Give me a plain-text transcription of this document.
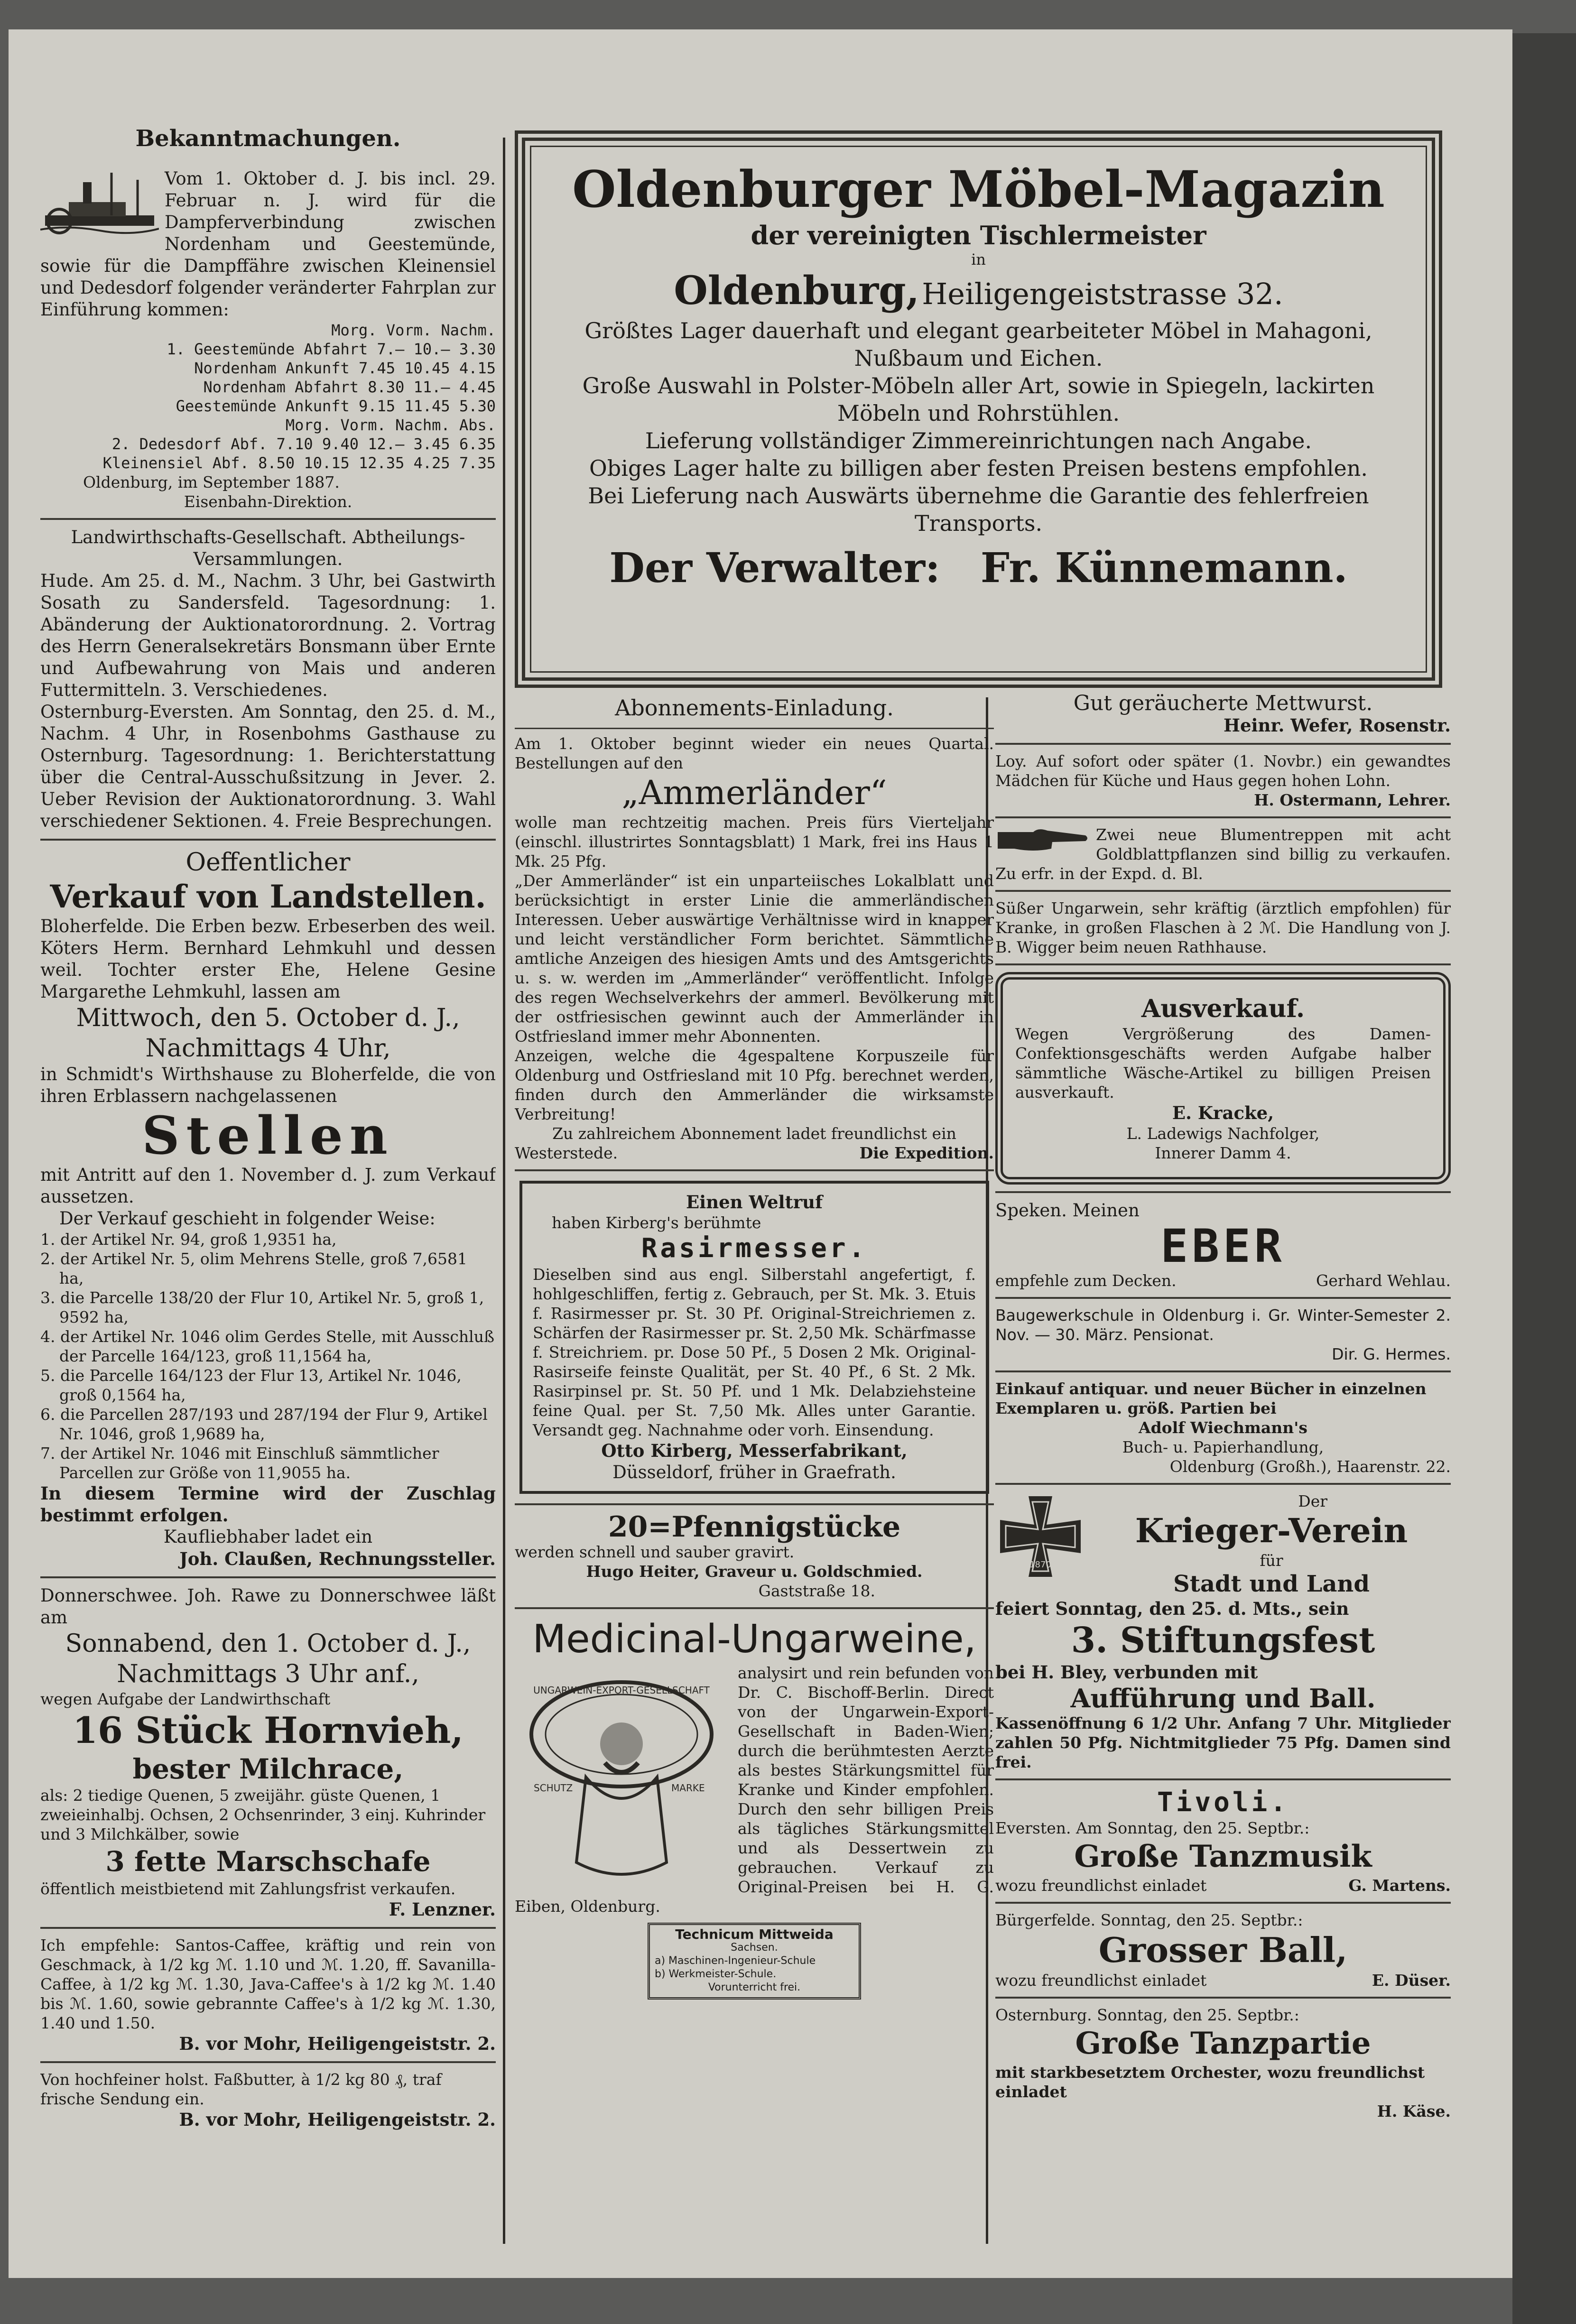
Bekanntmachungen.

Vom 1. Oktober d. J. bis incl. 29. Februar n. J. wird für die Dampferverbindung zwischen Nordenham und Geestemünde, sowie für die Dampffähre zwischen Kleinensiel und Dedesdorf folgender veränderter Fahrplan zur Einführung kommen:

Morg. Vorm. Nachm.

1. Geestemünde Abfahrt 7.— 10.— 3.30

Nordenham Ankunft 7.45 10.45 4.15

Nordenham Abfahrt 8.30 11.— 4.45

Geestemünde Ankunft 9.15 11.45 5.30

Morg. Vorm. Nachm. Abs.

2. Dedesdorf Abf. 7.10 9.40 12.— 3.45 6.35

Kleinensiel Abf. 8.50 10.15 12.35 4.25 7.35

Oldenburg, im September 1887.

Eisenbahn-Direktion.

Landwirthschafts-Gesellschaft. Abtheilungs-Versammlungen.

Hude. Am 25. d. M., Nachm. 3 Uhr, bei Gastwirth Sosath zu Sandersfeld. Tagesordnung: 1. Abänderung der Auktionatorordnung. 2. Vortrag des Herrn Generalsekretärs Bonsmann über Ernte und Aufbewahrung von Mais und anderen Futtermitteln. 3. Verschiedenes.

Osternburg-Eversten. Am Sonntag, den 25. d. M., Nachm. 4 Uhr, in Rosenbohms Gasthause zu Osternburg. Tagesordnung: 1. Berichterstattung über die Central-Ausschußsitzung in Jever. 2. Ueber Revision der Auktionatorordnung. 3. Wahl verschiedener Sektionen. 4. Freie Besprechungen.

Oeffentlicher

Verkauf von Landstellen.

Bloherfelde. Die Erben bezw. Erbeserben des weil. Köters Herm. Bernhard Lehmkuhl und dessen weil. Tochter erster Ehe, Helene Gesine Margarethe Lehmkuhl, lassen am

Mittwoch, den 5. October d. J.,

Nachmittags 4 Uhr,

in Schmidt's Wirthshause zu Bloherfelde, die von ihren Erblassern nachgelassenen

Stellen

mit Antritt auf den 1. November d. J. zum Verkauf aussetzen.

Der Verkauf geschieht in folgender Weise:

1. der Artikel Nr. 94, groß 1,9351 ha,

2. der Artikel Nr. 5, olim Mehrens Stelle, groß 7,6581 ha,

3. die Parcelle 138/20 der Flur 10, Artikel Nr. 5, groß 1, 9592 ha,

4. der Artikel Nr. 1046 olim Gerdes Stelle, mit Ausschluß der Parcelle 164/123, groß 11,1564 ha,

5. die Parcelle 164/123 der Flur 13, Artikel Nr. 1046, groß 0,1564 ha,

6. die Parcellen 287/193 und 287/194 der Flur 9, Artikel Nr. 1046, groß 1,9689 ha,

7. der Artikel Nr. 1046 mit Einschluß sämmtlicher Parcellen zur Größe von 11,9055 ha.

In diesem Termine wird der Zuschlag bestimmt erfolgen.

Kaufliebhaber ladet ein

Joh. Claußen, Rechnungssteller.

Donnerschwee. Joh. Rawe zu Donnerschwee läßt am

Sonnabend, den 1. October d. J.,

Nachmittags 3 Uhr anf.,

wegen Aufgabe der Landwirthschaft

16 Stück Hornvieh,

bester Milchrace,

als: 2 tiedige Quenen, 5 zweijähr. güste Quenen, 1 zweieinhalbj. Ochsen, 2 Ochsenrinder, 3 einj. Kuhrinder und 3 Milchkälber, sowie

3 fette Marschschafe

öffentlich meistbietend mit Zahlungsfrist verkaufen.

F. Lenzner.

Ich empfehle: Santos-Caffee, kräftig und rein von Geschmack, à 1/2 kg ℳ. 1.10 und ℳ. 1.20, ff. Savanilla-Caffee, à 1/2 kg ℳ. 1.30, Java-Caffee's à 1/2 kg ℳ. 1.40 bis ℳ. 1.60, sowie gebrannte Caffee's à 1/2 kg ℳ. 1.30, 1.40 und 1.50.

B. vor Mohr, Heiligengeiststr. 2.

Von hochfeiner holst. Faßbutter, à 1/2 kg 80 ₰, traf frische Sendung ein.

B. vor Mohr, Heiligengeiststr. 2.

Oldenburger Möbel-Magazin

der vereinigten Tischlermeister

in

Oldenburg, Heiligengeiststrasse 32.

Größtes Lager dauerhaft und elegant gearbeiteter Möbel in Mahagoni, Nußbaum und Eichen.

Große Auswahl in Polster-Möbeln aller Art, sowie in Spiegeln, lackirten Möbeln und Rohrstühlen.

Lieferung vollständiger Zimmereinrichtungen nach Angabe.

Obiges Lager halte zu billigen aber festen Preisen bestens empfohlen.

Bei Lieferung nach Auswärts übernehme die Garantie des fehlerfreien Transports.

Der Verwalter: Fr. Künnemann.

Abonnements-Einladung.

Am 1. Oktober beginnt wieder ein neues Quartal. Bestellungen auf den

„Ammerländer“

wolle man rechtzeitig machen. Preis fürs Vierteljahr (einschl. illustrirtes Sonntagsblatt) 1 Mark, frei ins Haus 1 Mk. 25 Pfg.

„Der Ammerländer“ ist ein unparteiisches Lokalblatt und berücksichtigt in erster Linie die ammerländischen Interessen. Ueber auswärtige Verhältnisse wird in knapper und leicht verständlicher Form berichtet. Sämmtliche amtliche Anzeigen des hiesigen Amts und des Amtsgerichts u. s. w. werden im „Ammerländer“ veröffentlicht. Infolge des regen Wechselverkehrs der ammerl. Bevölkerung mit der ostfriesischen gewinnt auch der Ammerländer in Ostfriesland immer mehr Abonnenten.

Anzeigen, welche die 4gespaltene Korpuszeile für Oldenburg und Ostfriesland mit 10 Pfg. berechnet werden, finden durch den Ammerländer die wirksamste Verbreitung!

Zu zahlreichem Abonnement ladet freundlichst ein

Westerstede.	Die Expedition.

Einen Weltruf

haben Kirberg's berühmte

Rasirmesser.

Dieselben sind aus engl. Silberstahl angefertigt, f. hohlgeschliffen, fertig z. Gebrauch, per St. Mk. 3. Etuis f. Rasirmesser pr. St. 30 Pf. Original-Streichriemen z. Schärfen der Rasirmesser pr. St. 2,50 Mk. Schärfmasse f. Streichriem. pr. Dose 50 Pf., 5 Dosen 2 Mk. Original-Rasirseife feinste Qualität, per St. 40 Pf., 6 St. 2 Mk. Rasirpinsel pr. St. 50 Pf. und 1 Mk. Delabziehsteine feine Qual. per St. 7,50 Mk. Alles unter Garantie. Versandt geg. Nachnahme oder vorh. Einsendung.

Otto Kirberg, Messerfabrikant,

Düsseldorf, früher in Graefrath.

20=Pfennigstücke

werden schnell und sauber gravirt.

Hugo Heiter, Graveur u. Goldschmied.

Gaststraße 18.

Medicinal-Ungarweine,

UNGARWEIN-EXPORT-GESELLSCHAFT
SCHUTZ	MARKE

analysirt und rein befunden von Dr. C. Bischoff-Berlin. Direct von der Ungarwein-Export-Gesellschaft in Baden-Wien; durch die berühmtesten Aerzte als bestes Stärkungsmittel für Kranke und Kinder empfohlen. Durch den sehr billigen Preis als tägliches Stärkungsmittel und als Dessertwein zu gebrauchen. Verkauf zu Original-Preisen bei H. G. Eiben, Oldenburg.

Technicum Mittweida

Sachsen.

a) Maschinen-Ingenieur-Schule

b) Werkmeister-Schule.

Vorunterricht frei.

Gut geräucherte Mettwurst.

Heinr. Wefer, Rosenstr.

Loy. Auf sofort oder später (1. Novbr.) ein gewandtes Mädchen für Küche und Haus gegen hohen Lohn.

H. Ostermann, Lehrer.

Zwei neue Blumentreppen mit acht Goldblattpflanzen sind billig zu verkaufen. Zu erfr. in der Expd. d. Bl.

Süßer Ungarwein, sehr kräftig (ärztlich empfohlen) für Kranke, in großen Flaschen à 2 ℳ. Die Handlung von J. B. Wigger beim neuen Rathhause.

Ausverkauf.

Wegen Vergrößerung des Damen-Confektionsgeschäfts werden Aufgabe halber sämmtliche Wäsche-Artikel zu billigen Preisen ausverkauft.

E. Kracke,

L. Ladewigs Nachfolger,

Innerer Damm 4.

Speken. Meinen

EBER

empfehle zum Decken.	Gerhard Wehlau.

Baugewerkschule in Oldenburg i. Gr. Winter-Semester 2. Nov. — 30. März. Pensionat.

Dir. G. Hermes.

Einkauf antiquar. und neuer Bücher in einzelnen Exemplaren u. größ. Partien bei

Adolf Wiechmann's

Buch- u. Papierhandlung,

Oldenburg (Großh.), Haarenstr. 22.

1870

Der

Krieger-Verein

für

Stadt und Land

feiert Sonntag, den 25. d. Mts., sein

3. Stiftungsfest

bei H. Bley, verbunden mit

Aufführung und Ball.

Kassenöffnung 6 1/2 Uhr. Anfang 7 Uhr. Mitglieder zahlen 50 Pfg. Nichtmitglieder 75 Pfg. Damen sind frei.

Tivoli.

Eversten. Am Sonntag, den 25. Septbr.:

Große Tanzmusik

wozu freundlichst einladet	G. Martens.

Bürgerfelde. Sonntag, den 25. Septbr.:

Grosser Ball,

wozu freundlichst einladet	E. Düser.

Osternburg. Sonntag, den 25. Septbr.:

Große Tanzpartie

mit starkbesetztem Orchester, wozu freundlichst einladet

H. Käse.
